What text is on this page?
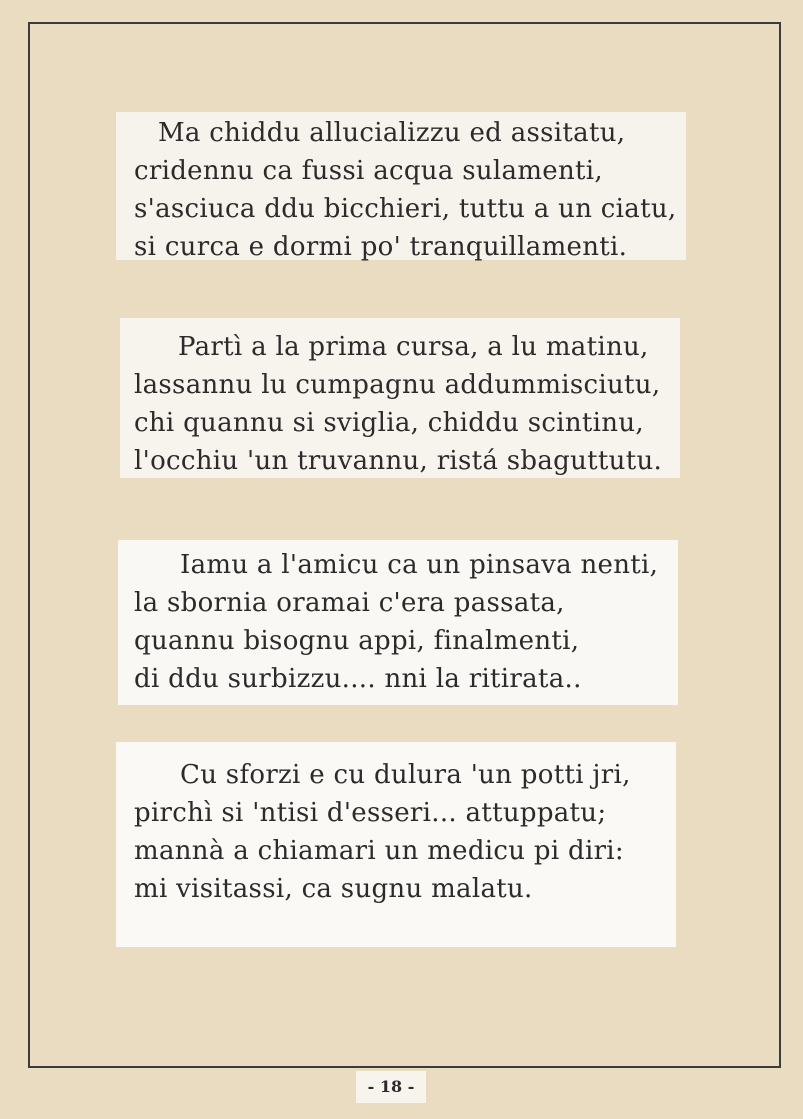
Ma chiddu allucializzu ed assitatu,
cridennu ca fussi acqua sulamenti,
s'asciuca ddu bicchieri, tuttu a un ciatu,
si curca e dormi po' tranquillamenti.
Partì a la prima cursa, a lu matinu,
lassannu lu cumpagnu addummisciutu,
chi quannu si sviglia, chiddu scintinu,
l'occhiu 'un truvannu, ristá sbaguttutu.
Iamu a l'amicu ca un pinsava nenti,
la sbornia oramai c'era passata,
quannu bisognu appi, finalmenti,
di ddu surbizzu.... nni la ritirata..
Cu sforzi e cu dulura 'un potti jri,
pirchì si 'ntisi d'esseri... attuppatu;
mannà a chiamari un medicu pi diri:
mi visitassi, ca sugnu malatu.
- 18 -
